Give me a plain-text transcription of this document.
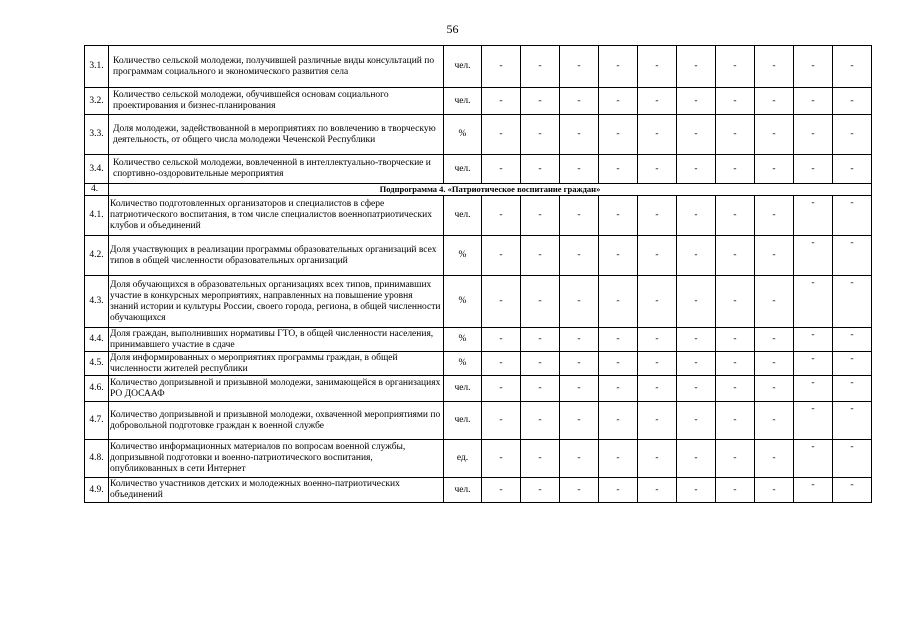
56
3.1.	Количество сельской молодежи, получившей различные виды консультаций по программам социального и экономического развития села	чел.	-	-	-	-	-	-	-	-	-	-
3.2.	Количество сельской молодежи, обучившейся основам социального проектирования и бизнес-планирования	чел.	-	-	-	-	-	-	-	-	-	-
3.3.	Доля молодежи, задействованной в мероприятиях по вовлечению в творческую деятельность, от общего числа молодежи Чеченской Республики	%	-	-	-	-	-	-	-	-	-	-
3.4.	Количество сельской молодежи, вовлеченной в интеллектуально-творческие и спортивно-оздоровительные мероприятия	чел.	-	-	-	-	-	-	-	-	-	-
4.	Подпрограмма 4. «Патриотическое воспитание граждан»											
4.1.	Количество подготовленных организаторов и специалистов в сфере патриотического воспитания, в том числе специалистов военнопатриотических клубов и объединений	чел.	-	-	-	-	-	-	-	-	-	-
4.2.	Доля участвующих в реализации программы образовательных организаций всех типов в общей численности образовательных организаций	%	-	-	-	-	-	-	-	-	-	-
4.3.	Доля обучающихся в образовательных организациях всех типов, принимавших участие в конкурсных мероприятиях, направленных на повышение уровня знаний истории и культуры России, своего города, региона, в общей численности обучающихся	%	-	-	-	-	-	-	-	-	-	-
4.4.	Доля граждан, выполнивших нормативы ГТО, в общей численности населения, принимавшего участие в сдаче	%	-	-	-	-	-	-	-	-	-	-
4.5.	Доля информированных о мероприятиях программы граждан, в общей численности жителей республики	%	-	-	-	-	-	-	-	-	-	-
4.6.	Количество допризывной и призывной молодежи, занимающейся в организациях РО ДОСААФ	чел.	-	-	-	-	-	-	-	-	-	-
4.7.	Количество допризывной и призывной молодежи, охваченной мероприятиями по добровольной подготовке граждан к военной службе	чел.	-	-	-	-	-	-	-	-	-	-
4.8.	Количество информационных материалов по вопросам военной службы, допризывной подготовки и военно-патриотического воспитания, опубликованных в сети Интернет	ед.	-	-	-	-	-	-	-	-	-	-
4.9.	Количество участников детских и молодежных военно-патриотических объединений	чел.	-	-	-	-	-	-	-	-	-	-
